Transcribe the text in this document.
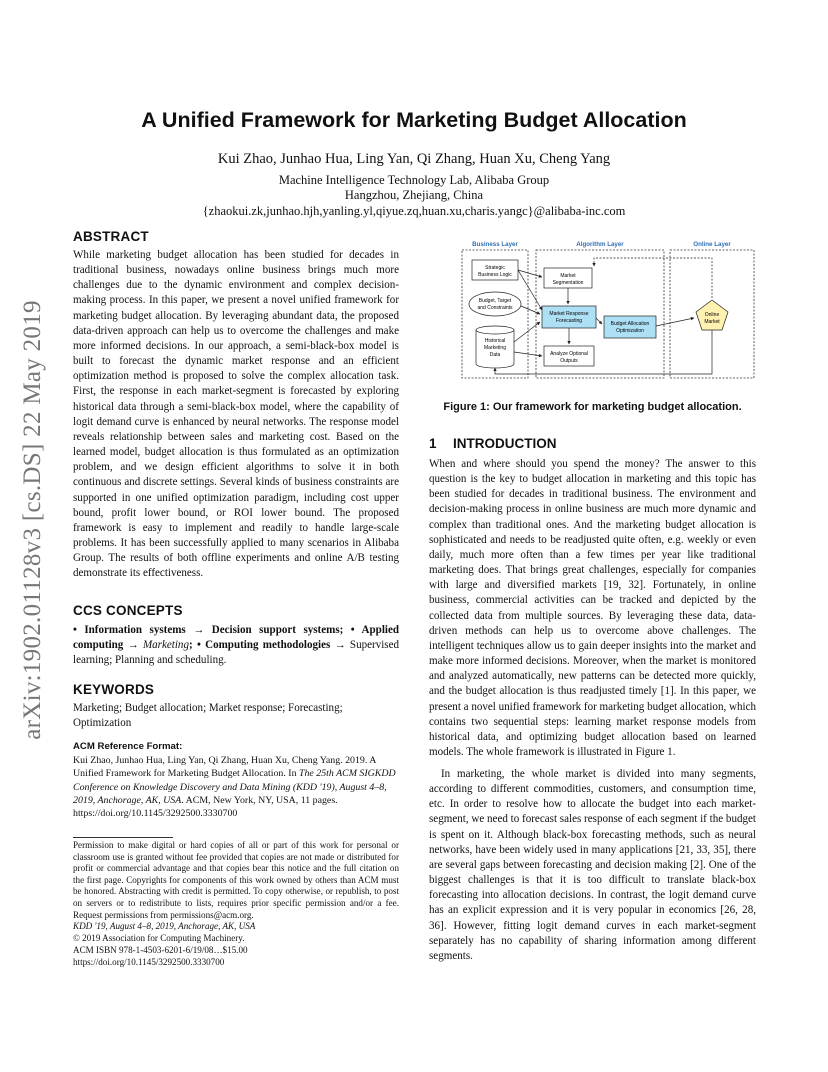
arXiv:1902.01128v3 [cs.DS] 22 May 2019
A Unified Framework for Marketing Budget Allocation
Kui Zhao, Junhao Hua, Ling Yan, Qi Zhang, Huan Xu, Cheng Yang
Machine Intelligence Technology Lab, Alibaba Group
Hangzhou, Zhejiang, China
{zhaokui.zk,junhao.hjh,yanling.yl,qiyue.zq,huan.xu,charis.yangc}@alibaba-inc.com
ABSTRACT

While marketing budget allocation has been studied for decades in traditional business, nowadays online business brings much more challenges due to the dynamic environment and complex decision-making process. In this paper, we present a novel unified framework for marketing budget allocation. By leveraging abundant data, the proposed data-driven approach can help us to overcome the challenges and make more informed decisions. In our approach, a semi-black-box model is built to forecast the dynamic market response and an efficient optimization method is proposed to solve the complex allocation task. First, the response in each market-segment is forecasted by exploring historical data through a semi-black-box model, where the capability of logit demand curve is enhanced by neural networks. The response model reveals relationship between sales and marketing cost. Based on the learned model, budget allocation is thus formulated as an optimization problem, and we design efficient algorithms to solve it in both continuous and discrete settings. Several kinds of business constraints are supported in one unified optimization paradigm, including cost upper bound, profit lower bound, or ROI lower bound. The proposed framework is easy to implement and readily to handle large-scale problems. It has been successfully applied to many scenarios in Alibaba Group. The results of both offline experiments and online A/B testing demonstrate its effectiveness.

CCS CONCEPTS

• Information systems → Decision support systems; • Applied computing → Marketing; • Computing methodologies → Supervised learning; Planning and scheduling.

KEYWORDS

Marketing; Budget allocation; Market response; Forecasting; Optimization

ACM Reference Format:

Kui Zhao, Junhao Hua, Ling Yan, Qi Zhang, Huan Xu, Cheng Yang. 2019. A Unified Framework for Marketing Budget Allocation. In The 25th ACM SIGKDD Conference on Knowledge Discovery and Data Mining (KDD '19), August 4–8, 2019, Anchorage, AK, USA. ACM, New York, NY, USA, 11 pages. https://doi.org/10.1145/3292500.3330700

Permission to make digital or hard copies of all or part of this work for personal or classroom use is granted without fee provided that copies are not made or distributed for profit or commercial advantage and that copies bear this notice and the full citation on the first page. Copyrights for components of this work owned by others than ACM must be honored. Abstracting with credit is permitted. To copy otherwise, or republish, to post on servers or to redistribute to lists, requires prior specific permission and/or a fee. Request permissions from permissions@acm.org.

KDD '19, August 4–8, 2019, Anchorage, AK, USA

© 2019 Association for Computing Machinery.

ACM ISBN 978-1-4503-6201-6/19/08…$15.00

https://doi.org/10.1145/3292500.3330700

Business Layer	Algorithm Layer	Online Layer
Strategic
Business Logic
Budget, Target
and Constraints
Historical
Marketing
Data
Market
Segmentation
Market Response
Forecasting	Budget Allocation
Optimization
Analyze Optional
Outputs
Online
Market
Figure 1: Our framework for marketing budget allocation.
1 INTRODUCTION

When and where should you spend the money? The answer to this question is the key to budget allocation in marketing and this topic has been studied for decades in traditional business. The environment and decision-making process in online business are much more dynamic and complex than traditional ones. And the marketing budget allocation is sophisticated and needs to be readjusted quite often, e.g. weekly or even daily, much more often than a few times per year like traditional marketing does. That brings great challenges, especially for companies with large and diversified markets [19, 32]. Fortunately, in online business, commercial activities can be tracked and depicted by the collected data from multiple sources. By leveraging these data, data-driven methods can help us to overcome above challenges. The intelligent techniques allow us to gain deeper insights into the market and make more informed decisions. Moreover, when the market is monitored and analyzed automatically, new patterns can be detected more quickly, and the budget allocation is thus readjusted timely [1]. In this paper, we present a novel unified framework for marketing budget allocation, which contains two sequential steps: learning market response models from historical data, and optimizing budget allocation based on learned models. The whole framework is illustrated in Figure 1.

In marketing, the whole market is divided into many segments, according to different commodities, customers, and consumption time, etc. In order to resolve how to allocate the budget into each market-segment, we need to forecast sales response of each segment if the budget is spent on it. Although black-box forecasting methods, such as neural networks, have been widely used in many applications [21, 33, 35], there are several gaps between forecasting and decision making [2]. One of the biggest challenges is that it is too difficult to translate black-box forecasting into allocation decisions. In contrast, the logit demand curve has an explicit expression and it is very popular in economics [26, 28, 36]. However, fitting logit demand curves in each market-segment separately has no capability of sharing information among different segments.
